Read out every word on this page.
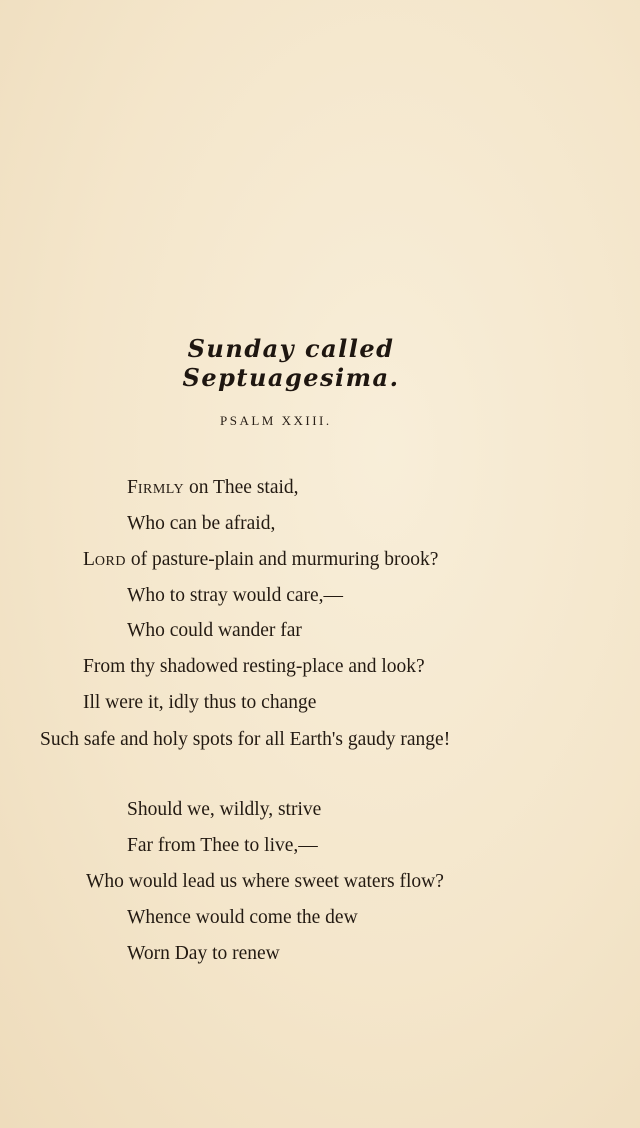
Sunday called Septuagesima.
PSALM XXIII.
FIRMLY on Thee staid,
Who can be afraid,
LORD of pasture-plain and murmuring brook?
Who to stray would care,—
Who could wander far
From thy shadowed resting-place and look?
Ill were it, idly thus to change
Such safe and holy spots for all Earth's gaudy range!
Should we, wildly, strive
Far from Thee to live,—
Who would lead us where sweet waters flow?
Whence would come the dew
Worn Day to renew
